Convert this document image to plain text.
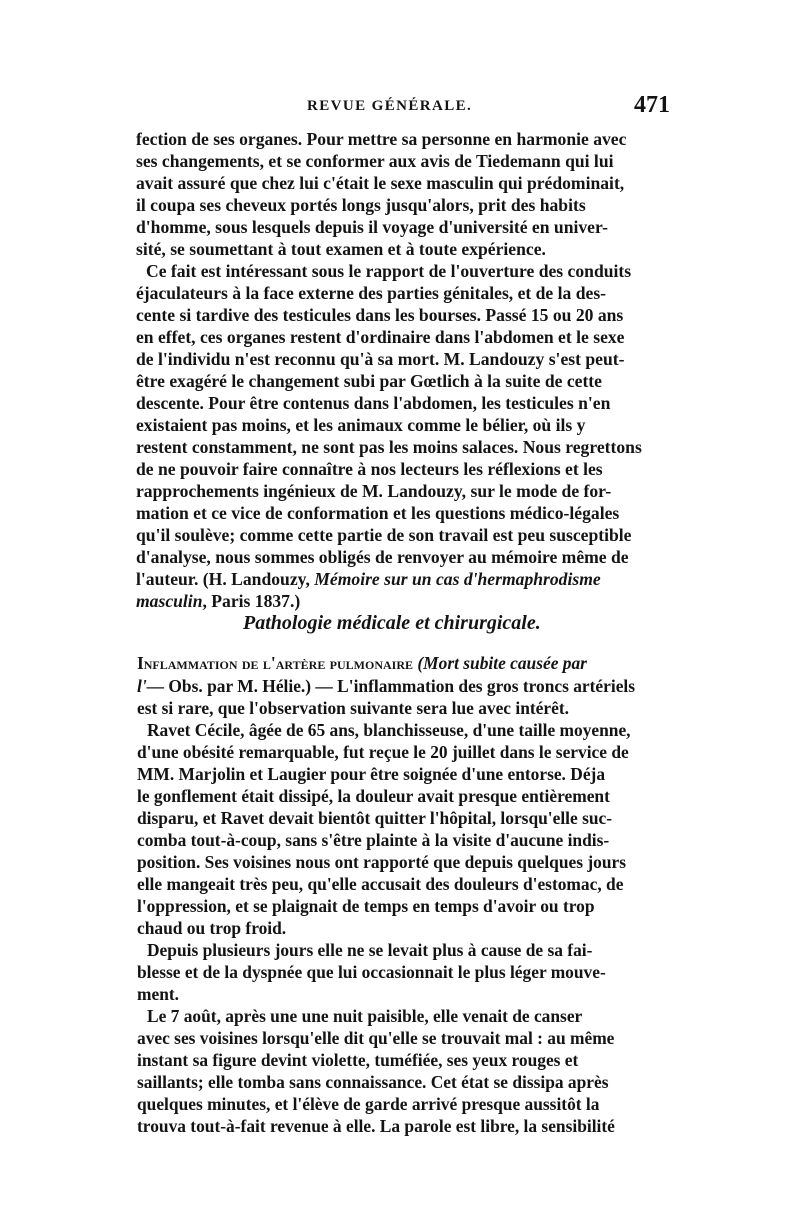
REVUE GÉNÉRALE.	471
fection de ses organes. Pour mettre sa personne en harmonie avec
ses changements, et se conformer aux avis de Tiedemann qui lui
avait assuré que chez lui c'était le sexe masculin qui prédominait,
il coupa ses cheveux portés longs jusqu'alors, prit des habits
d'homme, sous lesquels depuis il voyage d'université en univer-
sité, se soumettant à tout examen et à toute expérience.
Ce fait est intéressant sous le rapport de l'ouverture des conduits
éjaculateurs à la face externe des parties génitales, et de la des-
cente si tardive des testicules dans les bourses. Passé 15 ou 20 ans
en effet, ces organes restent d'ordinaire dans l'abdomen et le sexe
de l'individu n'est reconnu qu'à sa mort. M. Landouzy s'est peut-
être exagéré le changement subi par Gœtlich à la suite de cette
descente. Pour être contenus dans l'abdomen, les testicules n'en
existaient pas moins, et les animaux comme le bélier, où ils y
restent constamment, ne sont pas les moins salaces. Nous regrettons
de ne pouvoir faire connaître à nos lecteurs les réflexions et les
rapprochements ingénieux de M. Landouzy, sur le mode de for-
mation et ce vice de conformation et les questions médico-légales
qu'il soulève; comme cette partie de son travail est peu susceptible
d'analyse, nous sommes obligés de renvoyer au mémoire même de
l'auteur. (H. Landouzy, Mémoire sur un cas d'hermaphrodisme
masculin, Paris 1837.)
Pathologie médicale et chirurgicale.
Inflammation de l'artère pulmonaire (Mort subite causée par
l'— Obs. par M. Hélie.) — L'inflammation des gros troncs artériels
est si rare, que l'observation suivante sera lue avec intérêt.
Ravet Cécile, âgée de 65 ans, blanchisseuse, d'une taille moyenne,
d'une obésité remarquable, fut reçue le 20 juillet dans le service de
MM. Marjolin et Laugier pour être soignée d'une entorse. Déja
le gonflement était dissipé, la douleur avait presque entièrement
disparu, et Ravet devait bientôt quitter l'hôpital, lorsqu'elle suc-
comba tout-à-coup, sans s'être plainte à la visite d'aucune indis-
position. Ses voisines nous ont rapporté que depuis quelques jours
elle mangeait très peu, qu'elle accusait des douleurs d'estomac, de
l'oppression, et se plaignait de temps en temps d'avoir ou trop
chaud ou trop froid.
Depuis plusieurs jours elle ne se levait plus à cause de sa fai-
blesse et de la dyspnée que lui occasionnait le plus léger mouve-
ment.
Le 7 août, après une une nuit paisible, elle venait de canser
avec ses voisines lorsqu'elle dit qu'elle se trouvait mal : au même
instant sa figure devint violette, tuméfiée, ses yeux rouges et
saillants; elle tomba sans connaissance. Cet état se dissipa après
quelques minutes, et l'élève de garde arrivé presque aussitôt la
trouva tout-à-fait revenue à elle. La parole est libre, la sensibilité
